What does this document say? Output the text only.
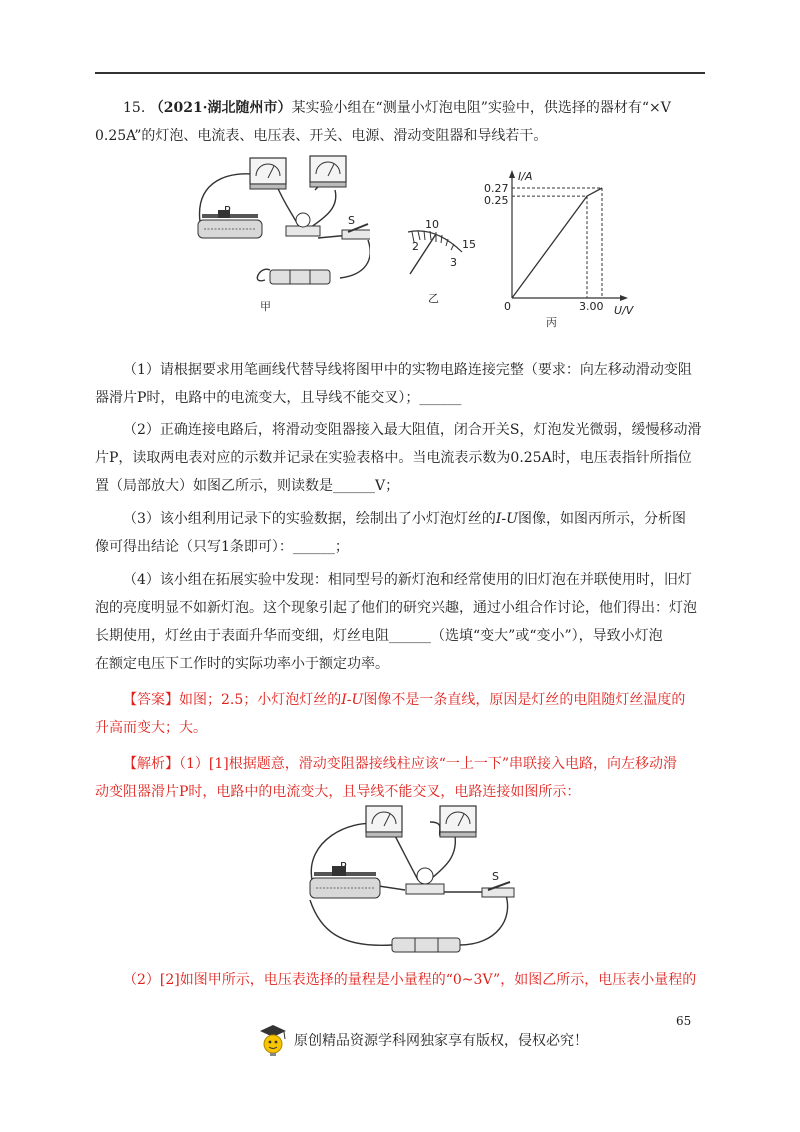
15. （2021·湖北随州市）某实验小组在“测量小灯泡电阻”实验中，供选择的器材有“×V
0.25A”的灯泡、电流表、电压表、开关、电源、滑动变阻器和导线若干。
S
甲
10
15
2
3
乙
I/A
U/V
0
0.27
0.25
3.00
丙
（1）请根据要求用笔画线代替导线将图甲中的实物电路连接完整（要求：向左移动滑动变阻
器滑片P时，电路中的电流变大，且导线不能交叉）；______
（2）正确连接电路后，将滑动变阻器接入最大阻值，闭合开关S，灯泡发光微弱，缓慢移动滑
片P，读取两电表对应的示数并记录在实验表格中。当电流表示数为0.25A时，电压表指针所指位
置（局部放大）如图乙所示，则读数是______V；
（3）该小组利用记录下的实验数据，绘制出了小灯泡灯丝的I-U图像，如图丙所示，分析图
像可得出结论（只写1条即可）：______；
（4）该小组在拓展实验中发现：相同型号的新灯泡和经常使用的旧灯泡在并联使用时，旧灯
泡的亮度明显不如新灯泡。这个现象引起了他们的研究兴趣，通过小组合作讨论，他们得出：灯泡
长期使用，灯丝由于表面升华而变细，灯丝电阻______（选填“变大”或“变小”），导致小灯泡
在额定电压下工作时的实际功率小于额定功率。
【答案】如图；2.5；小灯泡灯丝的I-U图像不是一条直线，原因是灯丝的电阻随灯丝温度的
升高而变大；大。
【解析】（1）[1]根据题意，滑动变阻器接线柱应该“一上一下”串联接入电路，向左移动滑
动变阻器滑片P时，电路中的电流变大，且导线不能交叉，电路连接如图所示：
S
（2）[2]如图甲所示，电压表选择的量程是小量程的“0~3V”，如图乙所示，电压表小量程的
65
原创精品资源学科网独家享有版权，侵权必究！
